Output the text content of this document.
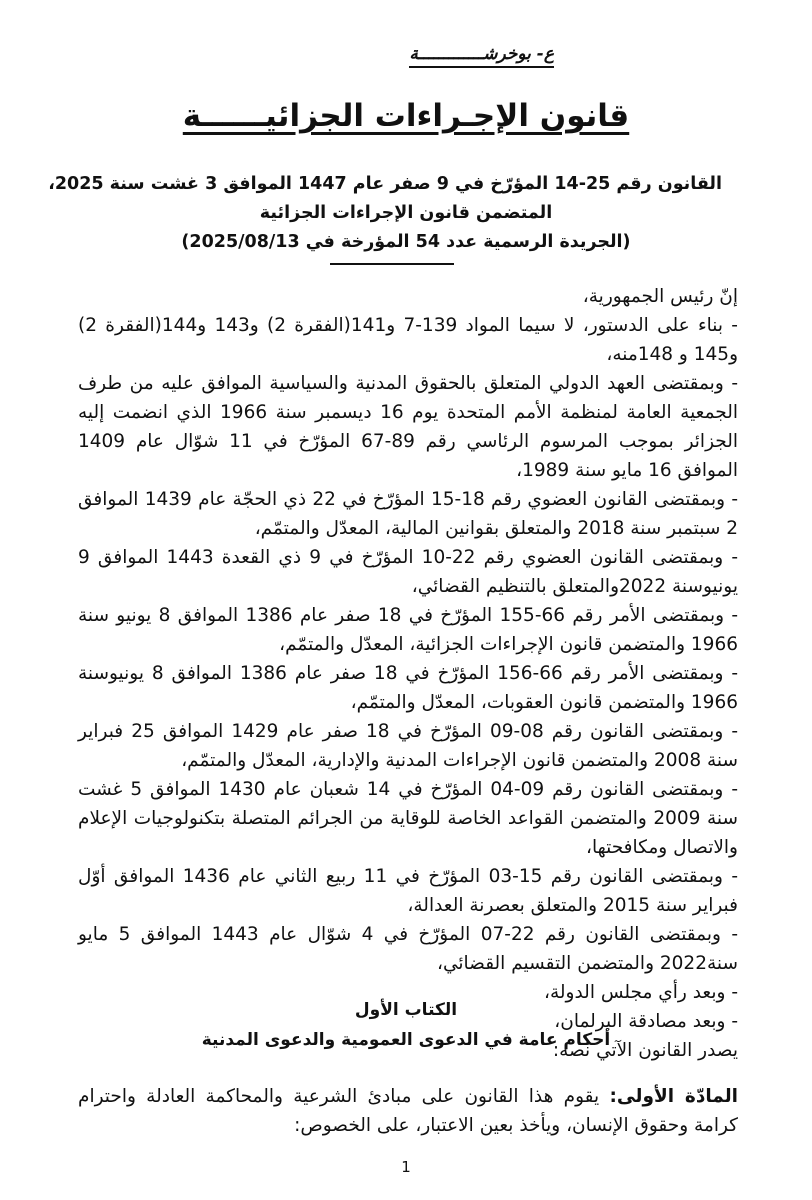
ع- بوخرشـــــــــــــة
قانون الإجـراءات الجزائيــــــة
القانون رقم 25-14 المؤرّخ في 9 صفر عام 1447 الموافق 3 غشت سنة 2025،
المتضمن قانون الإجراءات الجزائية
(الجريدة الرسمية عدد 54 المؤرخة في 2025/08/13)

إنّ رئيس الجمهورية،

- بناء على الدستور، لا سيما المواد 139-7 و141(الفقرة 2) و143 و144(الفقرة 2) و145 و 148منه،

- وبمقتضى العهد الدولي المتعلق بالحقوق المدنية والسياسية الموافق عليه من طرف الجمعية العامة لمنظمة الأمم المتحدة يوم 16 ديسمبر سنة 1966 الذي انضمت إليه الجزائر بموجب المرسوم الرئاسي رقم 89-67 المؤرّخ في 11 شوّال عام 1409 الموافق 16 مايو سنة 1989،

- وبمقتضى القانون العضوي رقم 18-15 المؤرّخ في 22 ذي الحجّة عام 1439 الموافق 2 سبتمبر سنة 2018 والمتعلق بقوانين المالية، المعدّل والمتمّم،

- وبمقتضى القانون العضوي رقم 22-10 المؤرّخ في 9 ذي القعدة 1443 الموافق 9 يونيوسنة 2022والمتعلق بالتنظيم القضائي،

- وبمقتضى الأمر رقم 66-155 المؤرّخ في 18 صفر عام 1386 الموافق 8 يونيو سنة 1966 والمتضمن قانون الإجراءات الجزائية، المعدّل والمتمّم،

- وبمقتضى الأمر رقم 66-156 المؤرّخ في 18 صفر عام 1386 الموافق 8 يونيوسنة 1966 والمتضمن قانون العقوبات، المعدّل والمتمّم،

- وبمقتضى القانون رقم 08-09 المؤرّخ في 18 صفر عام 1429 الموافق 25 فبراير سنة 2008 والمتضمن قانون الإجراءات المدنية والإدارية، المعدّل والمتمّم،

- وبمقتضى القانون رقم 09-04 المؤرّخ في 14 شعبان عام 1430 الموافق 5 غشت سنة 2009 والمتضمن القواعد الخاصة للوقاية من الجرائم المتصلة بتكنولوجيات الإعلام والاتصال ومكافحتها،

- وبمقتضى القانون رقم 15-03 المؤرّخ في 11 ربيع الثاني عام 1436 الموافق أوّل فبراير سنة 2015 والمتعلق بعصرنة العدالة،

- وبمقتضى القانون رقم 22-07 المؤرّخ في 4 شوّال عام 1443 الموافق 5 مايو سنة2022 والمتضمن التقسيم القضائي،

- وبعد رأي مجلس الدولة،

- وبعد مصادقة البرلمان،

يصدر القانون الآتي نصه:

الكتاب الأول
أحكام عامة في الدعوى العمومية والدعوى المدنية
المادّة الأولى: يقوم هذا القانون على مبادئ الشرعية والمحاكمة العادلة واحترام كرامة وحقوق الإنسان، ويأخذ بعين الاعتبار، على الخصوص:
1
